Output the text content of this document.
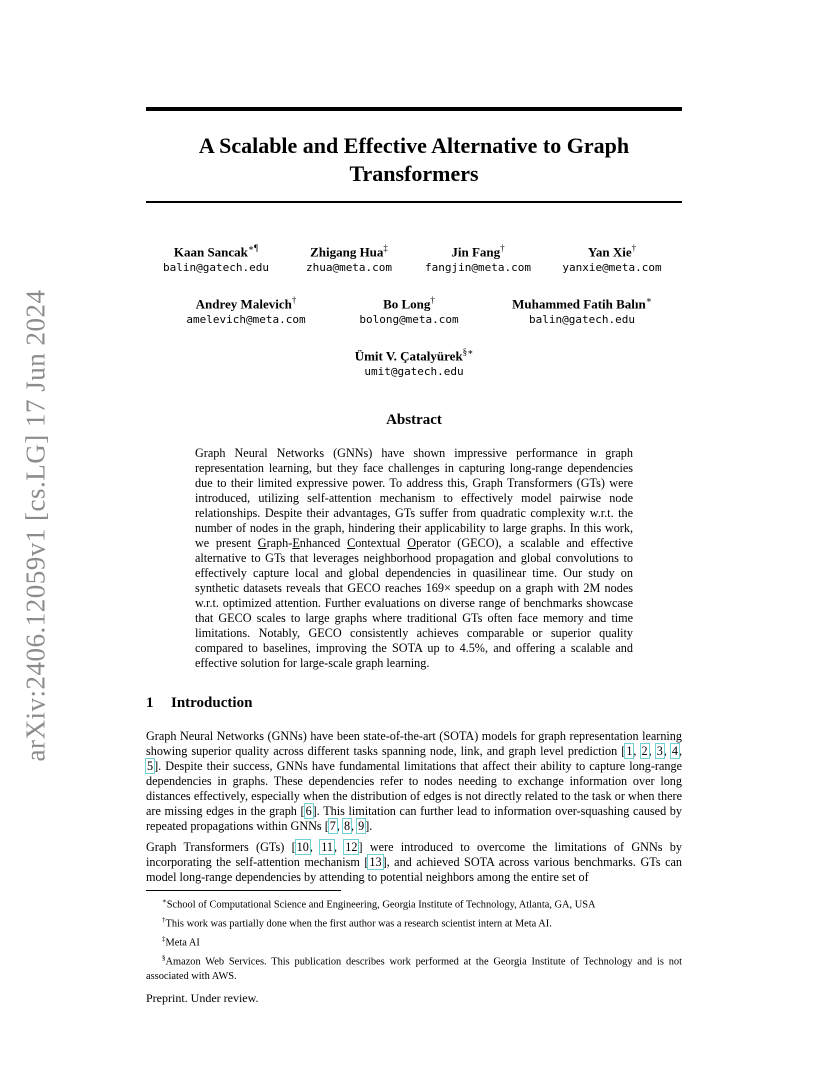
arXiv:2406.12059v1 [cs.LG] 17 Jun 2024
A Scalable and Effective Alternative to Graph
Transformers
Kaan Sancak∗¶
balin@gatech.edu
Zhigang Hua‡
zhua@meta.com
Jin Fang†
fangjin@meta.com
Yan Xie†
yanxie@meta.com
Andrey Malevich†
amelevich@meta.com
Bo Long†
bolong@meta.com
Muhammed Fatih Balın∗
balin@gatech.edu
Ümit V. Çatalyürek§∗
umit@gatech.edu
Abstract
Graph Neural Networks (GNNs) have shown impressive performance in graph representation learning, but they face challenges in capturing long-range dependencies due to their limited expressive power. To address this, Graph Transformers (GTs) were introduced, utilizing self-attention mechanism to effectively model pairwise node relationships. Despite their advantages, GTs suffer from quadratic complexity w.r.t. the number of nodes in the graph, hindering their applicability to large graphs. In this work, we present Graph-Enhanced Contextual Operator (GECO), a scalable and effective alternative to GTs that leverages neighborhood propagation and global convolutions to effectively capture local and global dependencies in quasilinear time. Our study on synthetic datasets reveals that GECO reaches 169× speedup on a graph with 2M nodes w.r.t. optimized attention. Further evaluations on diverse range of benchmarks showcase that GECO scales to large graphs where traditional GTs often face memory and time limitations. Notably, GECO consistently achieves comparable or superior quality compared to baselines, improving the SOTA up to 4.5%, and offering a scalable and effective solution for large-scale graph learning.
1 Introduction
Graph Neural Networks (GNNs) have been state-of-the-art (SOTA) models for graph representation learning showing superior quality across different tasks spanning node, link, and graph level prediction [1, 2, 3, 4, 5]. Despite their success, GNNs have fundamental limitations that affect their ability to capture long-range dependencies in graphs. These dependencies refer to nodes needing to exchange information over long distances effectively, especially when the distribution of edges is not directly related to the task or when there are missing edges in the graph [6]. This limitation can further lead to information over-squashing caused by repeated propagations within GNNs [7, 8, 9].
Graph Transformers (GTs) [10, 11, 12] were introduced to overcome the limitations of GNNs by incorporating the self-attention mechanism [13], and achieved SOTA across various benchmarks. GTs can model long-range dependencies by attending to potential neighbors among the entire set of
∗School of Computational Science and Engineering, Georgia Institute of Technology, Atlanta, GA, USA
†This work was partially done when the first author was a research scientist intern at Meta AI.
‡Meta AI
§Amazon Web Services. This publication describes work performed at the Georgia Institute of Technology and is not associated with AWS.
Preprint. Under review.
